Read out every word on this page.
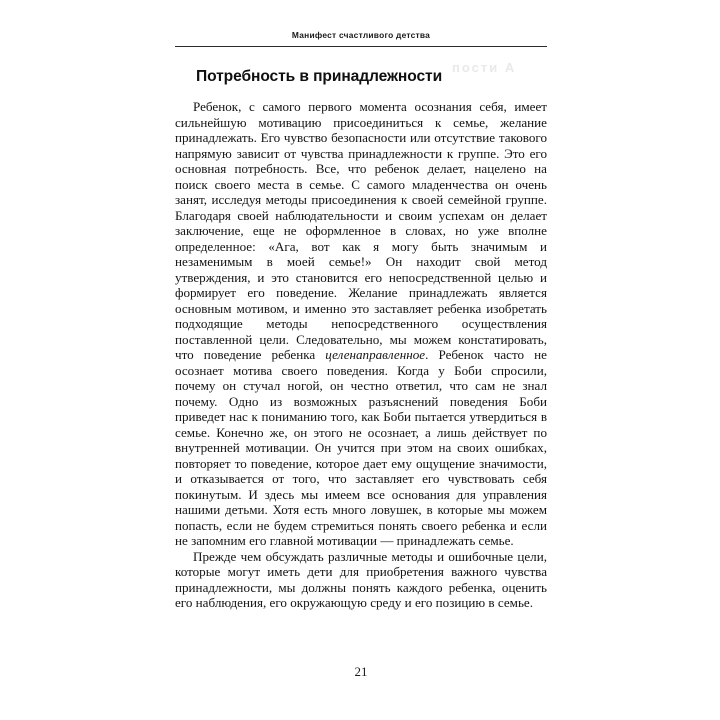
Манифест счастливого детства
Потребность в принадлежности
пости А

Ребенок, с самого первого момента осознания себя, имеет сильнейшую мотивацию присоединиться к семье, желание принадлежать. Его чувство безопасности или отсутствие такового напрямую зависит от чувства принадлежности к группе. Это его основная потребность. Все, что ребенок делает, нацелено на поиск своего места в семье. С самого младенчества он очень занят, исследуя методы присоединения к своей семейной группе. Благодаря своей наблюдательности и своим успехам он делает заключение, еще не оформленное в словах, но уже вполне определенное: «Ага, вот как я могу быть значимым и незаменимым в моей семье!» Он находит свой метод утверждения, и это становится его непосредственной целью и формирует его поведение. Желание принадлежать является основным мотивом, и именно это заставляет ребенка изобретать подходящие методы непосредственного осуществления поставленной цели. Следовательно, мы можем констатировать, что поведение ребенка целенаправленное. Ребенок часто не осознает мотива своего поведения. Когда у Боби спросили, почему он стучал ногой, он честно ответил, что сам не знал почему. Одно из возможных разъяснений поведения Боби приведет нас к пониманию того, как Боби пытается утвердиться в семье. Конечно же, он этого не осознает, а лишь действует по внутренней мотивации. Он учится при этом на своих ошибках, повторяет то поведение, которое дает ему ощущение значимости, и отказывается от того, что заставляет его чувствовать себя покинутым. И здесь мы имеем все основания для управления нашими детьми. Хотя есть много ловушек, в которые мы можем попасть, если не будем стремиться понять своего ребенка и если не запомним его главной мотивации — принадлежать семье.

Прежде чем обсуждать различные методы и ошибочные цели, которые могут иметь дети для приобретения важного чувства принадлежности, мы должны понять каждого ребенка, оценить его наблюдения, его окружающую среду и его позицию в семье.

21
